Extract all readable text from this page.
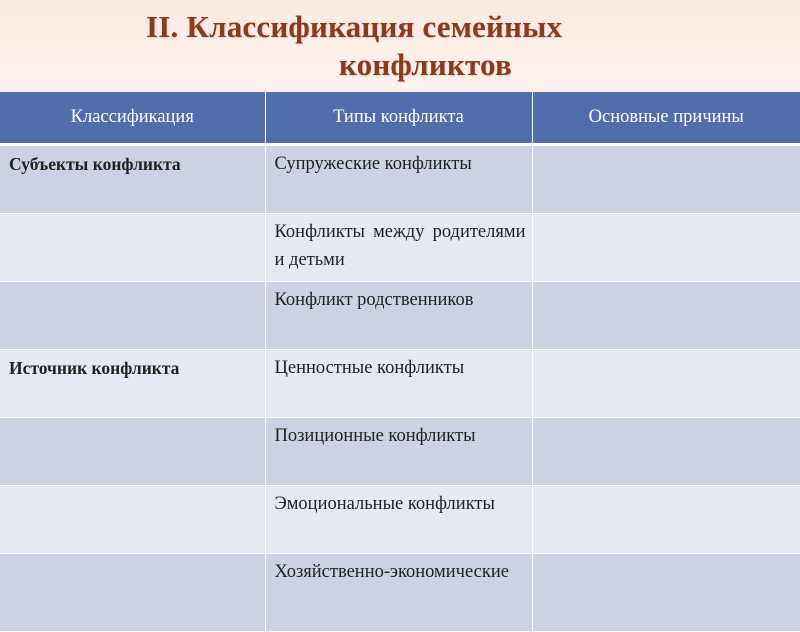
II. Классификация семейных
конфликтов
Классификация	Типы конфликта	Основные причины
Субъекты конфликта	Супружеские конфликты	
	Конфликты между родителями и детьми	
	Конфликт родственников	
Источник конфликта	Ценностные конфликты	
	Позиционные конфликты	
	Эмоциональные конфликты	
	Хозяйственно-экономические	
